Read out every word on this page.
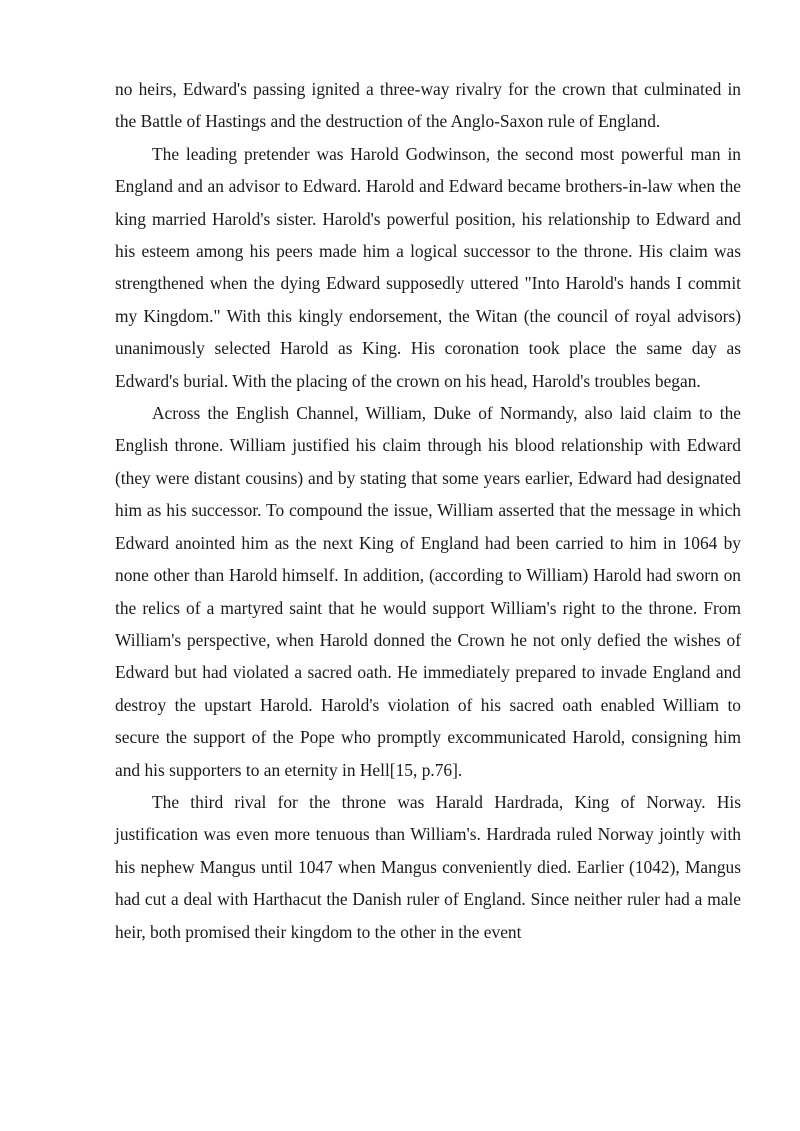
no heirs, Edward's passing ignited a three-way rivalry for the crown that culminated in the Battle of Hastings and the destruction of the Anglo-Saxon rule of England.

The leading pretender was Harold Godwinson, the second most powerful man in England and an advisor to Edward. Harold and Edward became brothers-in-law when the king married Harold's sister. Harold's powerful position, his relationship to Edward and his esteem among his peers made him a logical successor to the throne. His claim was strengthened when the dying Edward supposedly uttered "Into Harold's hands I commit my Kingdom." With this kingly endorsement, the Witan (the council of royal advisors) unanimously selected Harold as King. His coronation took place the same day as Edward's burial. With the placing of the crown on his head, Harold's troubles began.

Across the English Channel, William, Duke of Normandy, also laid claim to the English throne. William justified his claim through his blood relationship with Edward (they were distant cousins) and by stating that some years earlier, Edward had designated him as his successor. To compound the issue, William asserted that the message in which Edward anointed him as the next King of England had been carried to him in 1064 by none other than Harold himself. In addition, (according to William) Harold had sworn on the relics of a martyred saint that he would support William's right to the throne. From William's perspective, when Harold donned the Crown he not only defied the wishes of Edward but had violated a sacred oath. He immediately prepared to invade England and destroy the upstart Harold. Harold's violation of his sacred oath enabled William to secure the support of the Pope who promptly excommunicated Harold, consigning him and his supporters to an eternity in Hell[15, p.76].

The third rival for the throne was Harald Hardrada, King of Norway. His justification was even more tenuous than William's. Hardrada ruled Norway jointly with his nephew Mangus until 1047 when Mangus conveniently died. Earlier (1042), Mangus had cut a deal with Harthacut the Danish ruler of England. Since neither ruler had a male heir, both promised their kingdom to the other in the event
